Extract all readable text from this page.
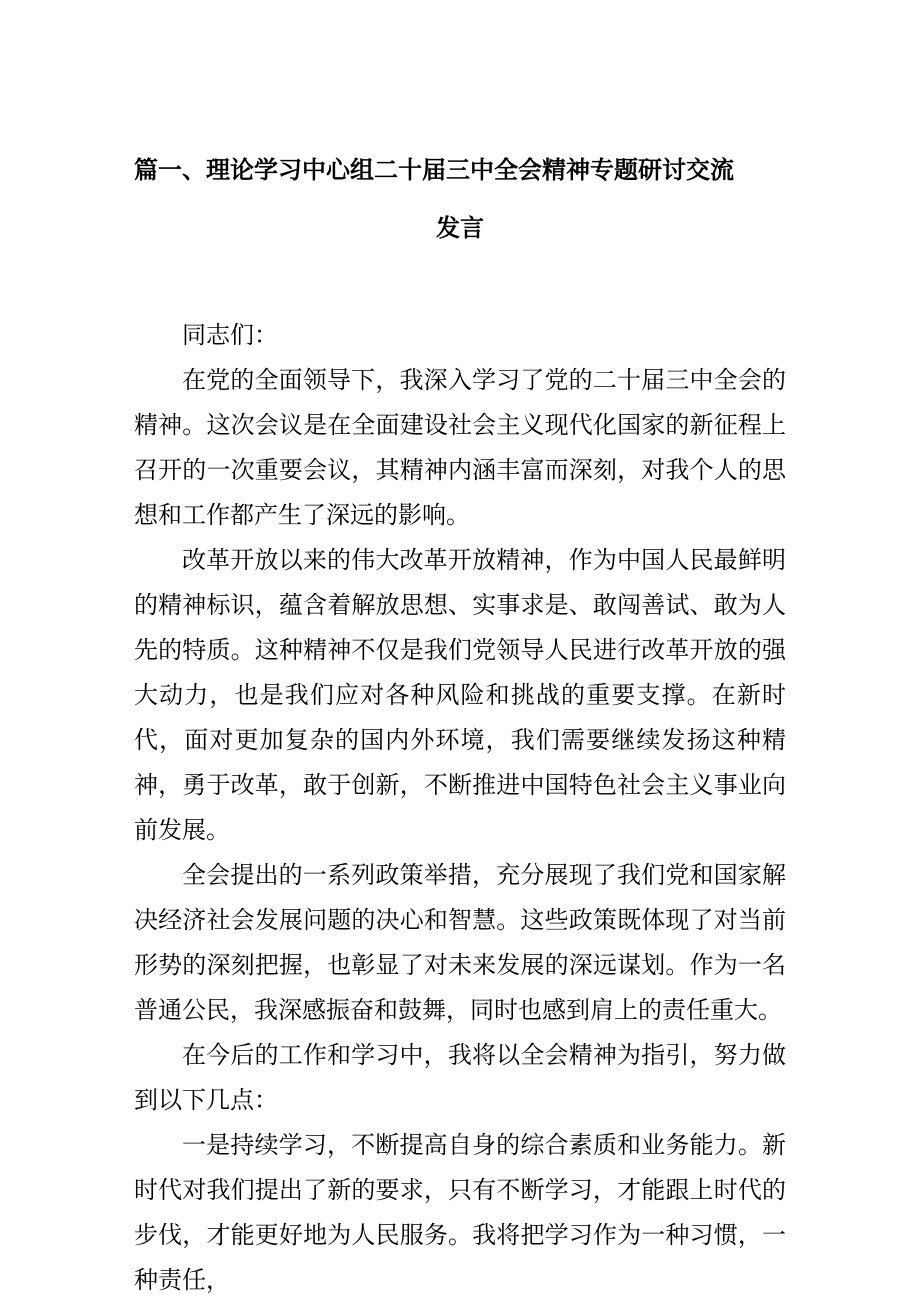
篇一、理论学习中心组二十届三中全会精神专题研讨交流
发言

同志们：

在党的全面领导下，我深入学习了党的二十届三中全会的精神。这次会议是在全面建设社会主义现代化国家的新征程上召开的一次重要会议，其精神内涵丰富而深刻，对我个人的思想和工作都产生了深远的影响。

改革开放以来的伟大改革开放精神，作为中国人民最鲜明的精神标识，蕴含着解放思想、实事求是、敢闯善试、敢为人先的特质。这种精神不仅是我们党领导人民进行改革开放的强大动力，也是我们应对各种风险和挑战的重要支撑。在新时代，面对更加复杂的国内外环境，我们需要继续发扬这种精神，勇于改革，敢于创新，不断推进中国特色社会主义事业向前发展。

全会提出的一系列政策举措，充分展现了我们党和国家解决经济社会发展问题的决心和智慧。这些政策既体现了对当前形势的深刻把握，也彰显了对未来发展的深远谋划。作为一名普通公民，我深感振奋和鼓舞，同时也感到肩上的责任重大。

在今后的工作和学习中，我将以全会精神为指引，努力做到以下几点：

一是持续学习，不断提高自身的综合素质和业务能力。新时代对我们提出了新的要求，只有不断学习，才能跟上时代的步伐，才能更好地为人民服务。我将把学习作为一种习惯，一种责任，
